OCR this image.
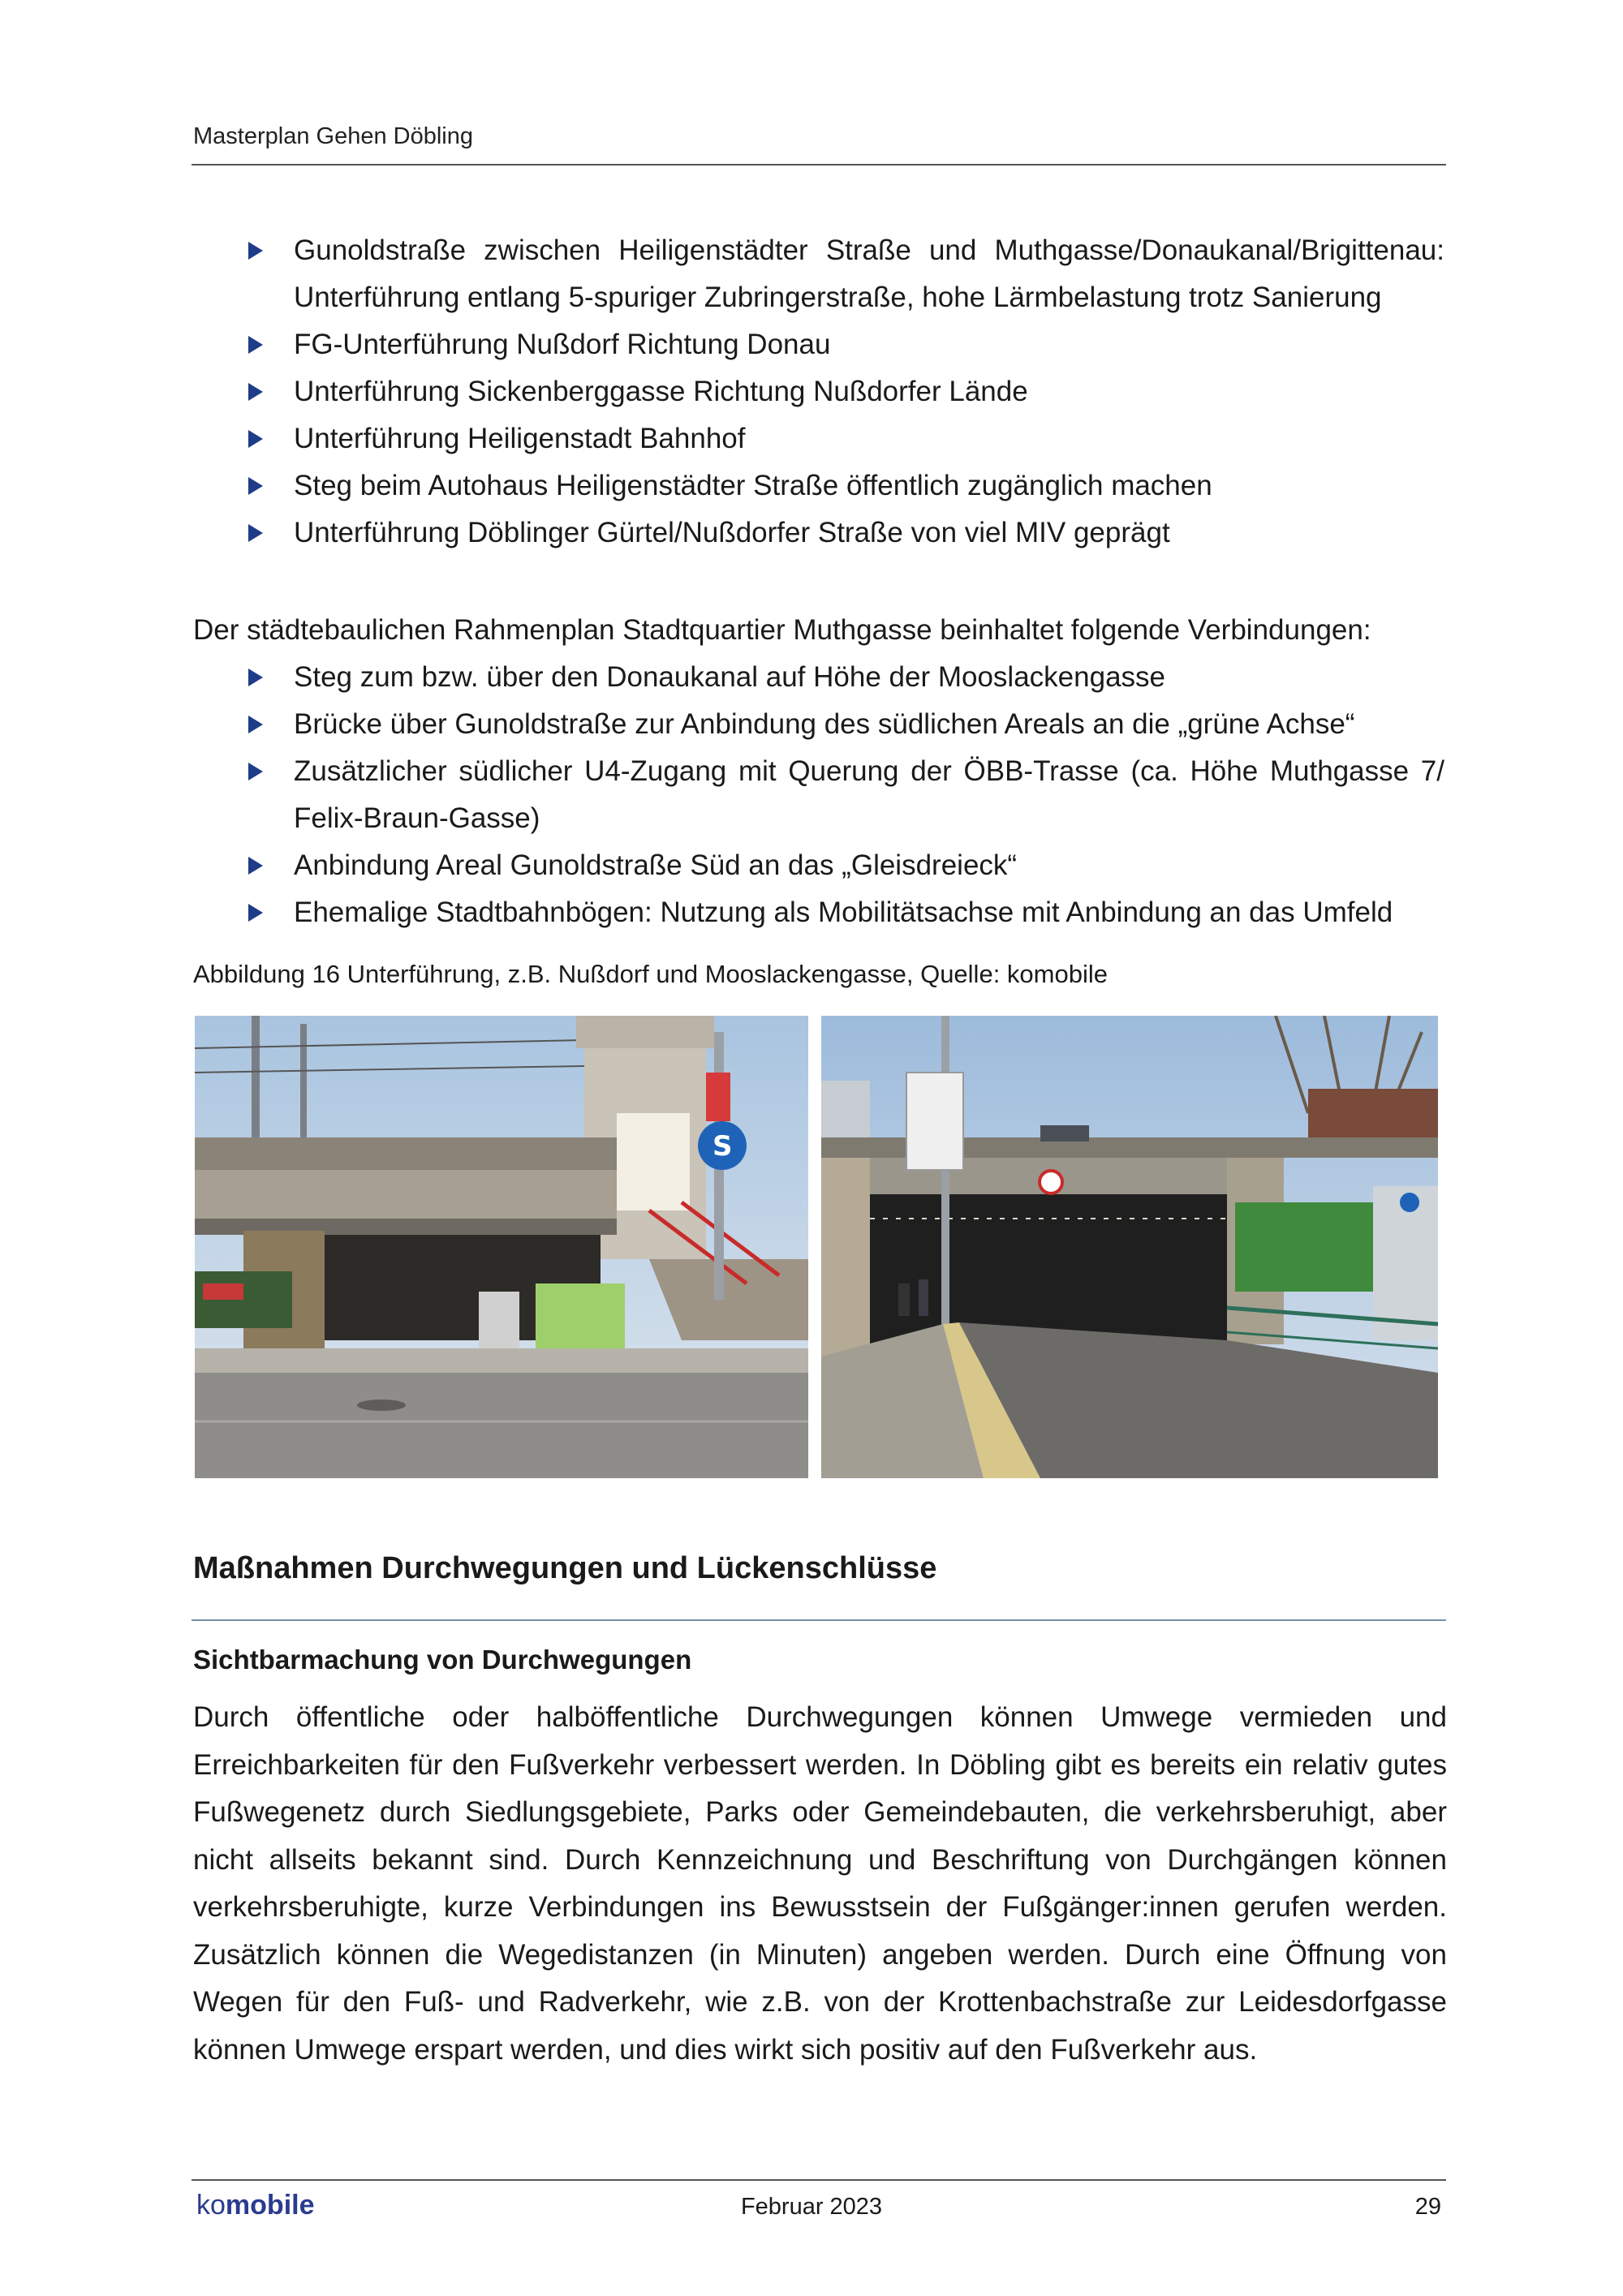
Masterplan Gehen Döbling
Gunoldstraße zwischen Heiligenstädter Straße und Muthgasse/Donaukanal/Brigittenau: Unterführung entlang 5-spuriger Zubringerstraße, hohe Lärmbelastung trotz Sanierung
FG-Unterführung Nußdorf Richtung Donau
Unterführung Sickenberggasse Richtung Nußdorfer Lände
Unterführung Heiligenstadt Bahnhof
Steg beim Autohaus Heiligenstädter Straße öffentlich zugänglich machen
Unterführung Döblinger Gürtel/Nußdorfer Straße von viel MIV geprägt
Der städtebaulichen Rahmenplan Stadtquartier Muthgasse beinhaltet folgende Verbindungen:
Steg zum bzw. über den Donaukanal auf Höhe der Mooslackengasse
Brücke über Gunoldstraße zur Anbindung des südlichen Areals an die „grüne Achse“
Zusätzlicher südlicher U4-Zugang mit Querung der ÖBB-Trasse (ca. Höhe Muthgasse 7/ Felix-Braun-Gasse)
Anbindung Areal Gunoldstraße Süd an das „Gleisdreieck“
Ehemalige Stadtbahnbögen: Nutzung als Mobilitätsachse mit Anbindung an das Umfeld
Abbildung 16 Unterführung, z.B. Nußdorf und Mooslackengasse, Quelle: komobile
S
Maßnahmen Durchwegungen und Lückenschlüsse
Sichtbarmachung von Durchwegungen

Durch öffentliche oder halböffentliche Durchwegungen können Umwege vermieden und Erreichbarkeiten für den Fußverkehr verbessert werden. In Döbling gibt es bereits ein relativ gutes Fußwegenetz durch Siedlungsgebiete, Parks oder Gemeindebauten, die verkehrsberuhigt, aber nicht allseits bekannt sind. Durch Kennzeichnung und Beschriftung von Durchgängen können verkehrsberuhigte, kurze Verbindungen ins Bewusstsein der Fußgänger:innen gerufen werden. Zusätzlich können die Wegedistanzen (in Minuten) angeben werden. Durch eine Öffnung von Wegen für den Fuß- und Radverkehr, wie z.B. von der Krottenbachstraße zur Leidesdorfgasse können Umwege erspart werden, und dies wirkt sich positiv auf den Fußverkehr aus.

komobile	Februar 2023	29
